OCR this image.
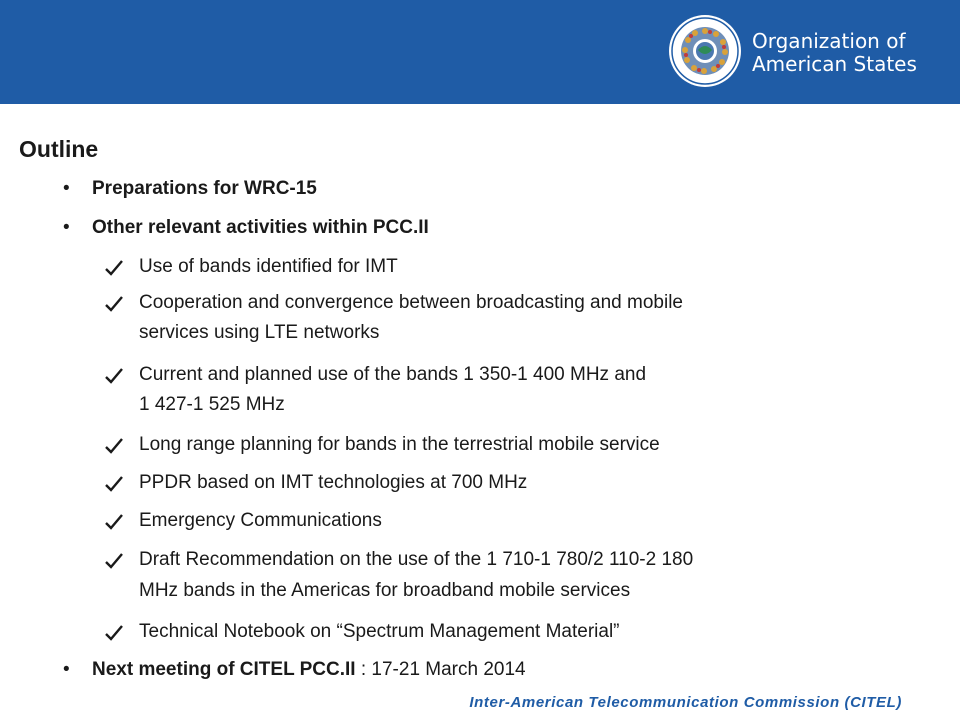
Organization of
American States
Outline
• Preparations for WRC-15
• Other relevant activities within PCC.II
Use of bands identified for IMT
Cooperation and convergence between broadcasting and mobile
services using LTE networks
Current and planned use of the bands 1 350-1 400 MHz and
1 427-1 525 MHz
Long range planning for bands in the terrestrial mobile service
PPDR based on IMT technologies at 700 MHz
Emergency Communications
Draft Recommendation on the use of the 1 710-1 780/2 110-2 180
MHz bands in the Americas for broadband mobile services
Technical Notebook on “Spectrum Management Material”
• Next meeting of CITEL PCC.II : 17-21 March 2014
Inter-American Telecommunication Commission (CITEL)
